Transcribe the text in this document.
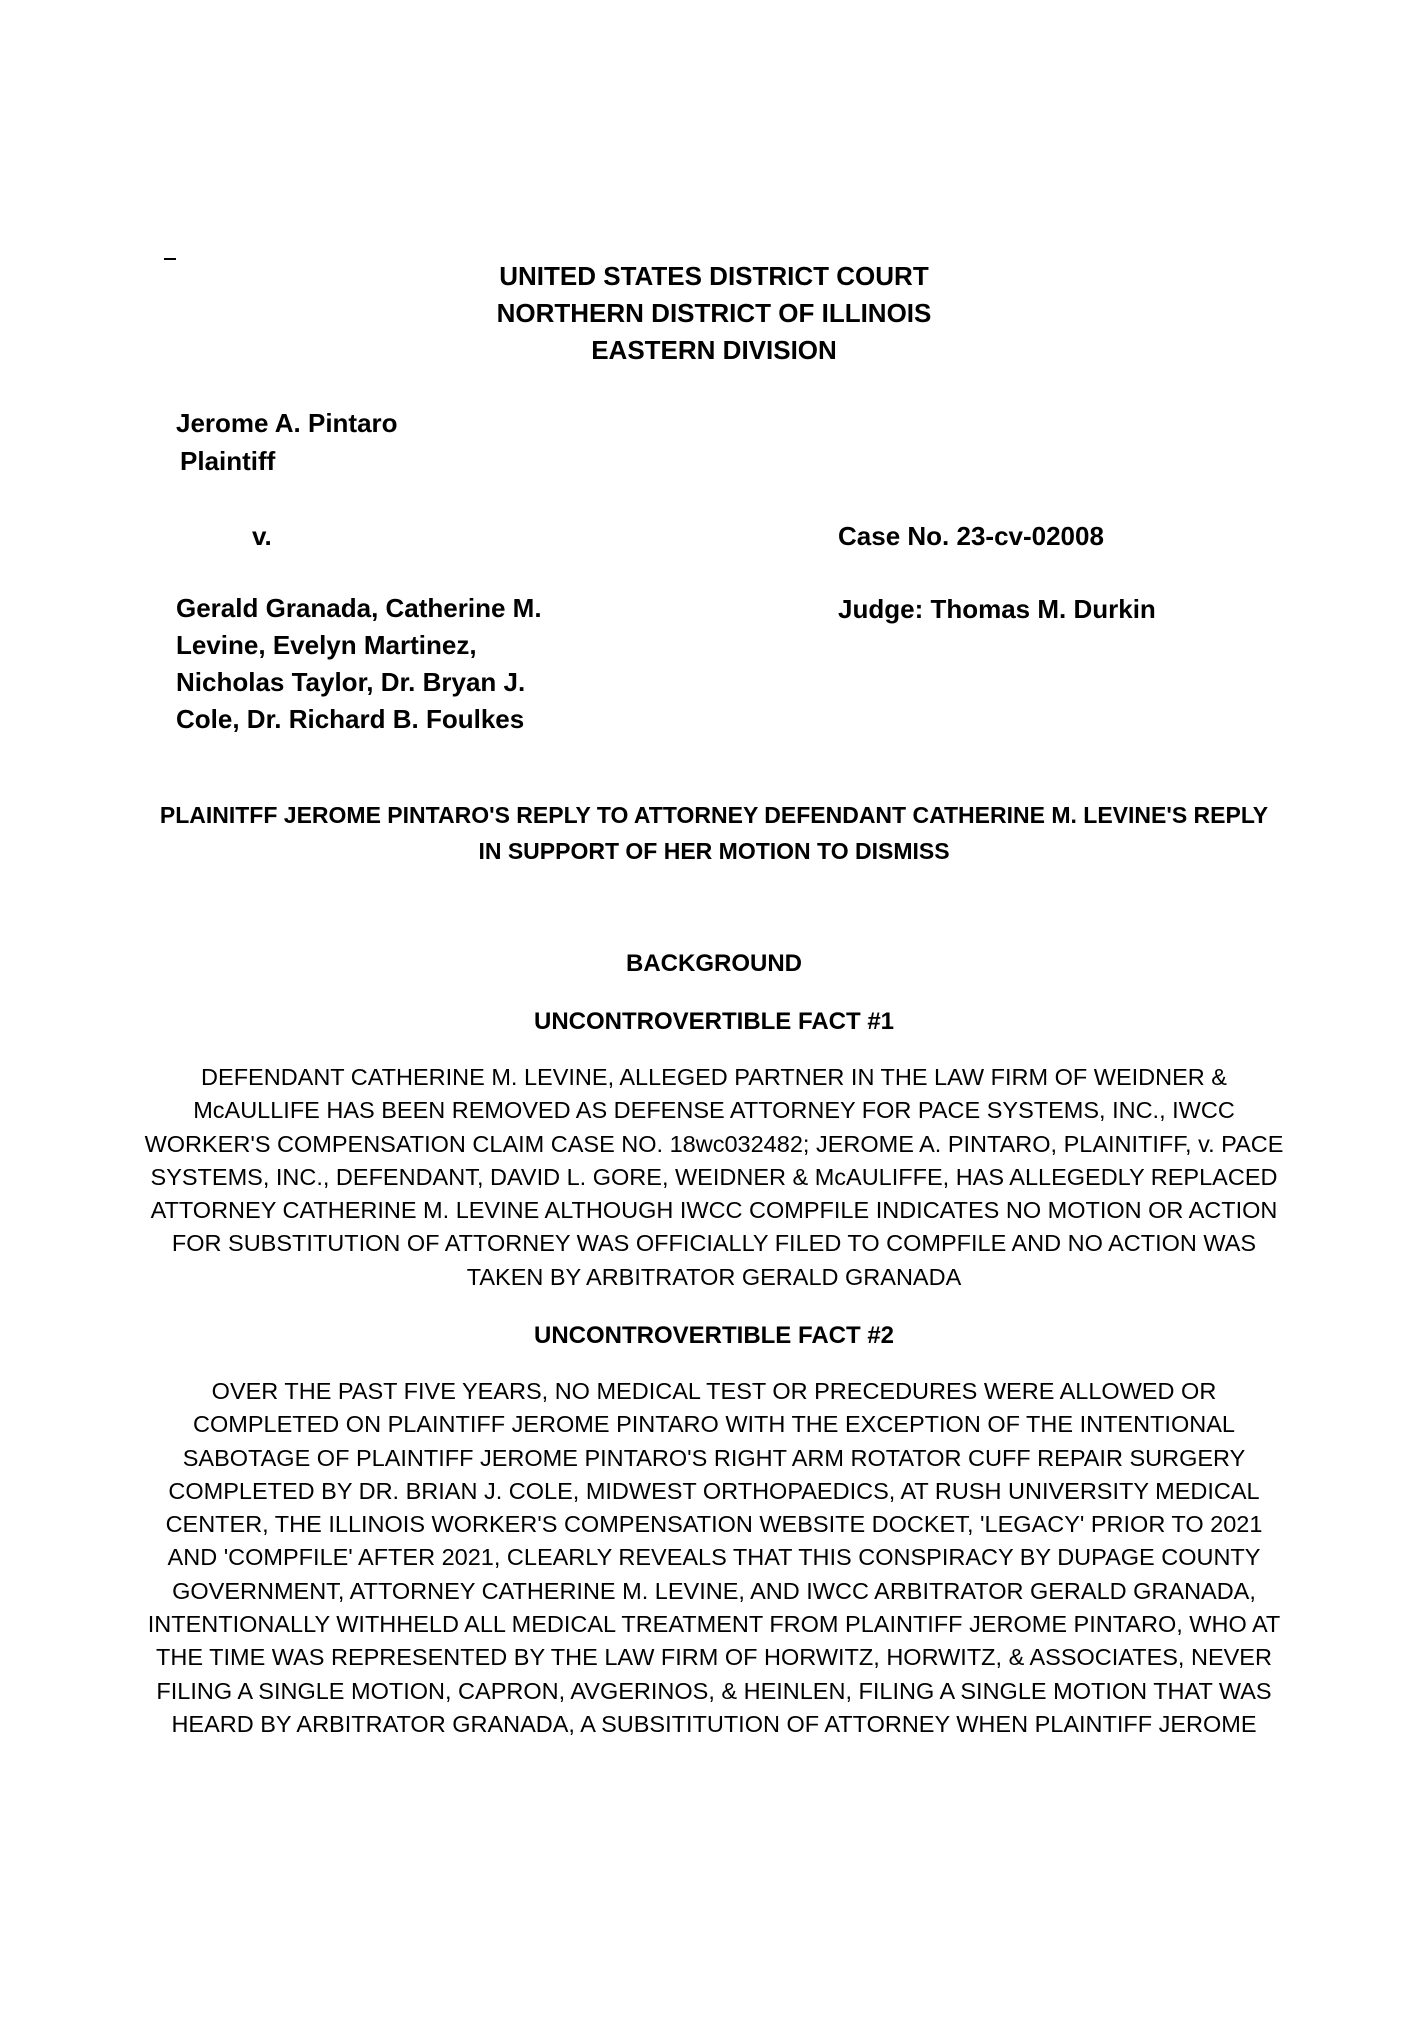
UNITED STATES DISTRICT COURT
NORTHERN DISTRICT OF ILLINOIS
EASTERN DIVISION
Jerome A. Pintaro
Plaintiff
v.	Case No. 23-cv-02008
Judge: Thomas M. Durkin
Gerald Granada, Catherine M.
Levine, Evelyn Martinez,
Nicholas Taylor, Dr. Bryan J.
Cole, Dr. Richard B. Foulkes
PLAINITFF JEROME PINTARO'S REPLY TO ATTORNEY DEFENDANT CATHERINE M. LEVINE'S REPLY
IN SUPPORT OF HER MOTION TO DISMISS
BACKGROUND
UNCONTROVERTIBLE FACT #1
DEFENDANT CATHERINE M. LEVINE, ALLEGED PARTNER IN THE LAW FIRM OF WEIDNER &
McAULLIFE HAS BEEN REMOVED AS DEFENSE ATTORNEY FOR PACE SYSTEMS, INC., IWCC
WORKER'S COMPENSATION CLAIM CASE NO. 18wc032482; JEROME A. PINTARO, PLAINITIFF, v. PACE
SYSTEMS, INC., DEFENDANT, DAVID L. GORE, WEIDNER & McAULIFFE, HAS ALLEGEDLY REPLACED
ATTORNEY CATHERINE M. LEVINE ALTHOUGH IWCC COMPFILE INDICATES NO MOTION OR ACTION
FOR SUBSTITUTION OF ATTORNEY WAS OFFICIALLY FILED TO COMPFILE AND NO ACTION WAS
TAKEN BY ARBITRATOR GERALD GRANADA
UNCONTROVERTIBLE FACT #2
OVER THE PAST FIVE YEARS, NO MEDICAL TEST OR PRECEDURES WERE ALLOWED OR
COMPLETED ON PLAINTIFF JEROME PINTARO WITH THE EXCEPTION OF THE INTENTIONAL
SABOTAGE OF PLAINTIFF JEROME PINTARO'S RIGHT ARM ROTATOR CUFF REPAIR SURGERY
COMPLETED BY DR. BRIAN J. COLE, MIDWEST ORTHOPAEDICS, AT RUSH UNIVERSITY MEDICAL
CENTER, THE ILLINOIS WORKER'S COMPENSATION WEBSITE DOCKET, 'LEGACY' PRIOR TO 2021
AND 'COMPFILE' AFTER 2021, CLEARLY REVEALS THAT THIS CONSPIRACY BY DUPAGE COUNTY
GOVERNMENT, ATTORNEY CATHERINE M. LEVINE, AND IWCC ARBITRATOR GERALD GRANADA,
INTENTIONALLY WITHHELD ALL MEDICAL TREATMENT FROM PLAINTIFF JEROME PINTARO, WHO AT
THE TIME WAS REPRESENTED BY THE LAW FIRM OF HORWITZ, HORWITZ, & ASSOCIATES, NEVER
FILING A SINGLE MOTION, CAPRON, AVGERINOS, & HEINLEN, FILING A SINGLE MOTION THAT WAS
HEARD BY ARBITRATOR GRANADA, A SUBSITITUTION OF ATTORNEY WHEN PLAINTIFF JEROME
